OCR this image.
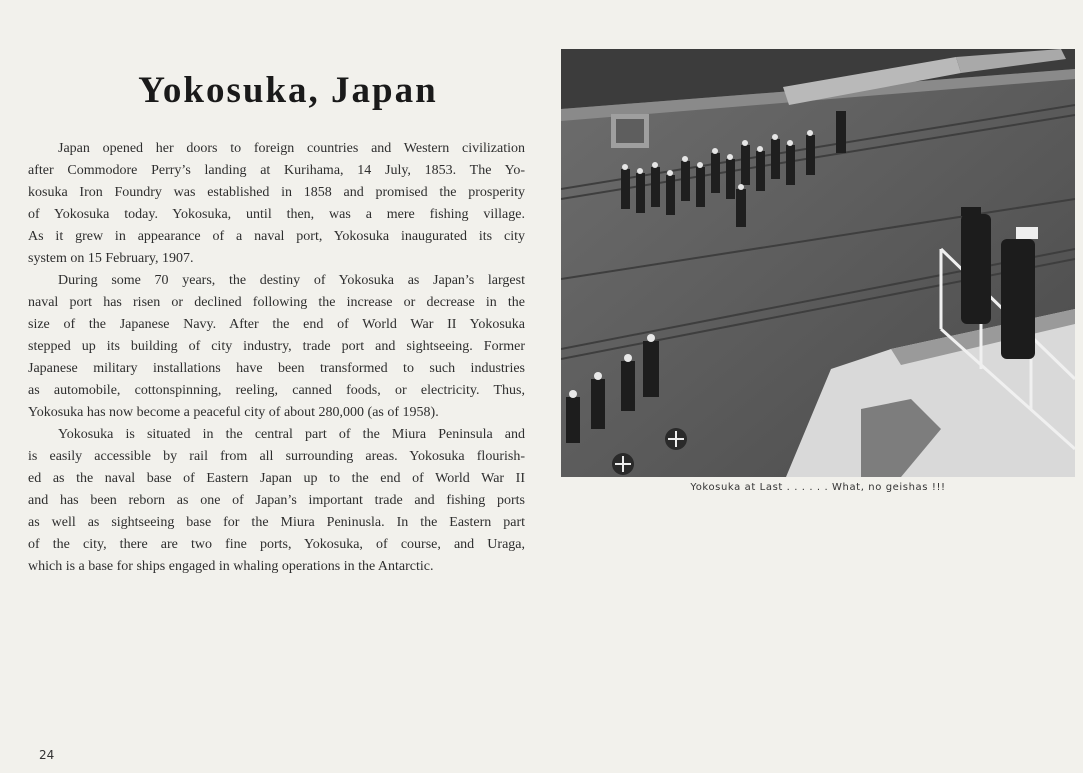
Yokosuka, Japan
Japan opened her doors to foreign countries and Western civilization
after Commodore Perry’s landing at Kurihama, 14 July, 1853. The Yo-
kosuka Iron Foundry was established in 1858 and promised the prosperity
of Yokosuka today. Yokosuka, until then, was a mere fishing village.
As it grew in appearance of a naval port, Yokosuka inaugurated its city
system on 15 February, 1907.
During some 70 years, the destiny of Yokosuka as Japan’s largest
naval port has risen or declined following the increase or decrease in the
size of the Japanese Navy. After the end of World War II Yokosuka
stepped up its building of city industry, trade port and sightseeing. Former
Japanese military installations have been transformed to such industries
as automobile, cottonspinning, reeling, canned foods, or electricity. Thus,
Yokosuka has now become a peaceful city of about 280,000 (as of 1958).
Yokosuka is situated in the central part of the Miura Peninsula and
is easily accessible by rail from all surrounding areas. Yokosuka flourish-
ed as the naval base of Eastern Japan up to the end of World War II
and has been reborn as one of Japan’s important trade and fishing ports
as well as sightseeing base for the Miura Peninusla. In the Eastern part
of the city, there are two fine ports, Yokosuka, of course, and Uraga,
which is a base for ships engaged in whaling operations in the Antarctic.
Yokosuka at Last . . . . . . What, no geishas !!!
24
